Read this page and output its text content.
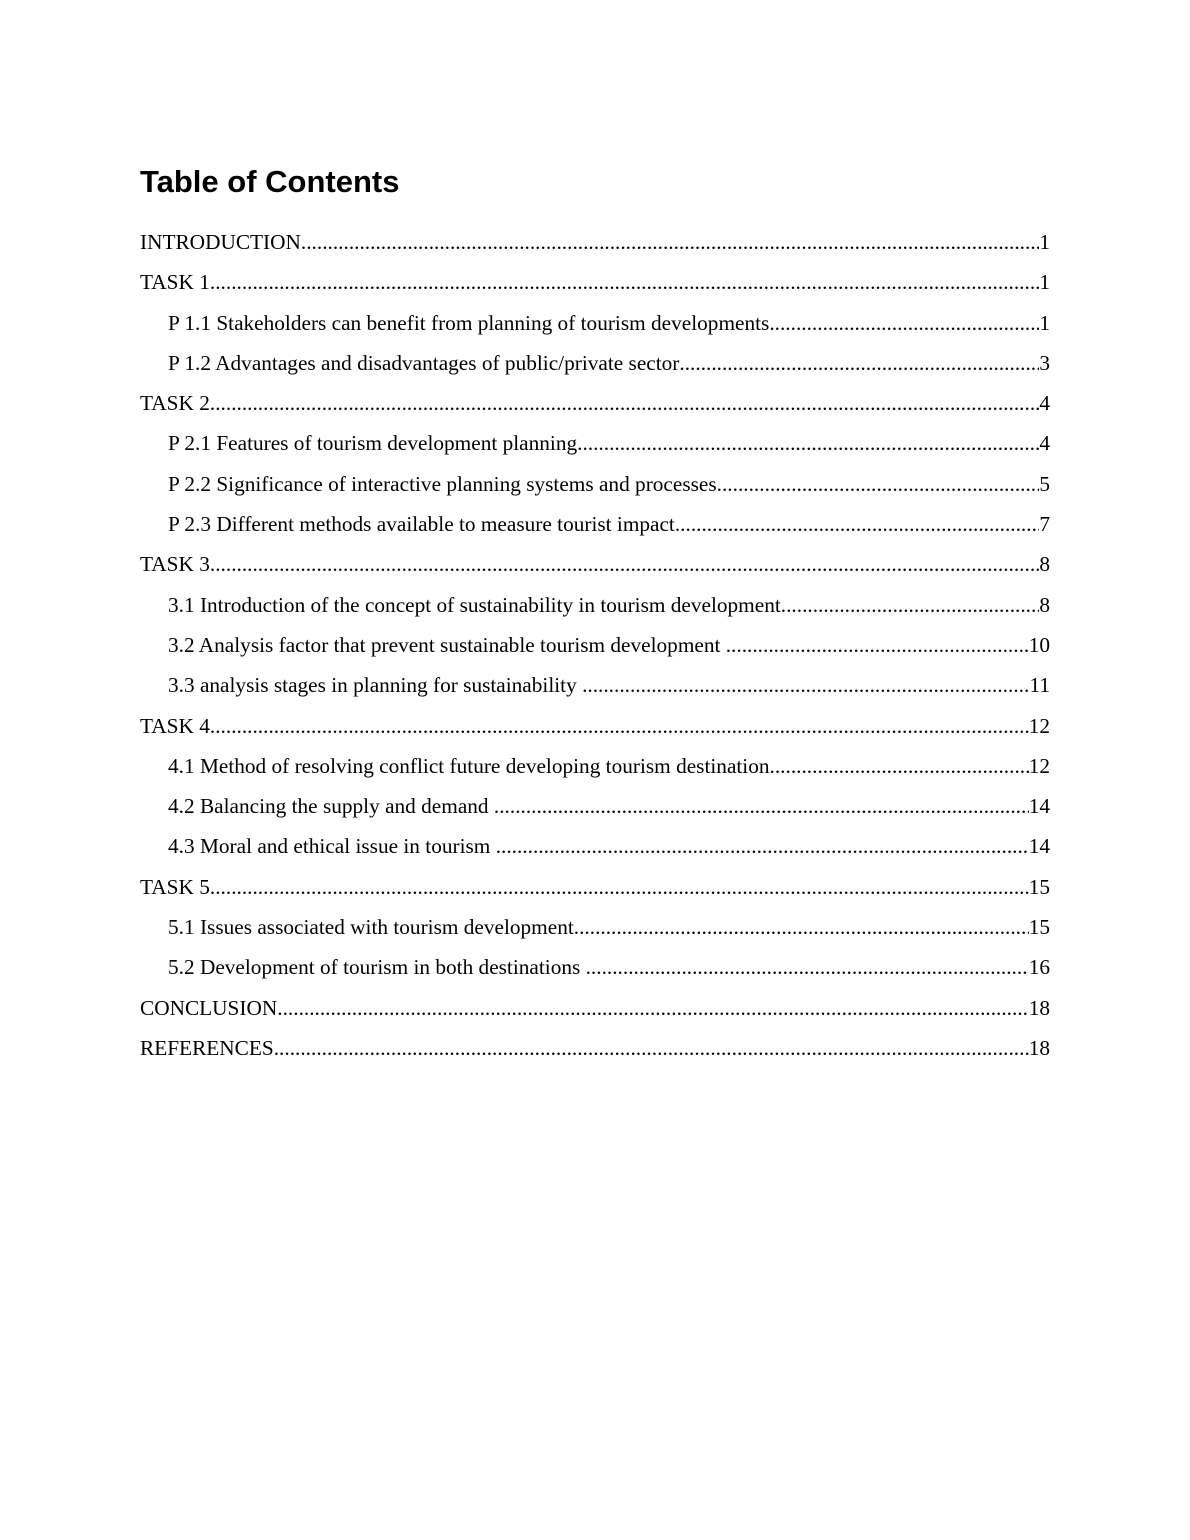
Table of Contents
INTRODUCTION .....	1
TASK 1 .....	1
P 1.1 Stakeholders can benefit from planning of tourism developments .....	1
P 1.2 Advantages and disadvantages of public/private sector .....	3
TASK 2 .....	4
P 2.1 Features of tourism development planning .....	4
P 2.2 Significance of interactive planning systems and processes .....	5
P 2.3 Different methods available to measure tourist impact .....	7
TASK 3 .....	8
3.1 Introduction of the concept of sustainability in tourism development .....	8
3.2 Analysis factor that prevent sustainable tourism development .....	10
3.3 analysis stages in planning for sustainability .....	11
TASK 4 .....	12
4.1 Method of resolving conflict future developing tourism destination .....	12
4.2 Balancing the supply and demand .....	14
4.3 Moral and ethical issue in tourism .....	14
TASK 5 .....	15
5.1 Issues associated with tourism development .....	15
5.2 Development of tourism in both destinations .....	16
CONCLUSION .....	18
REFERENCES .....	18
